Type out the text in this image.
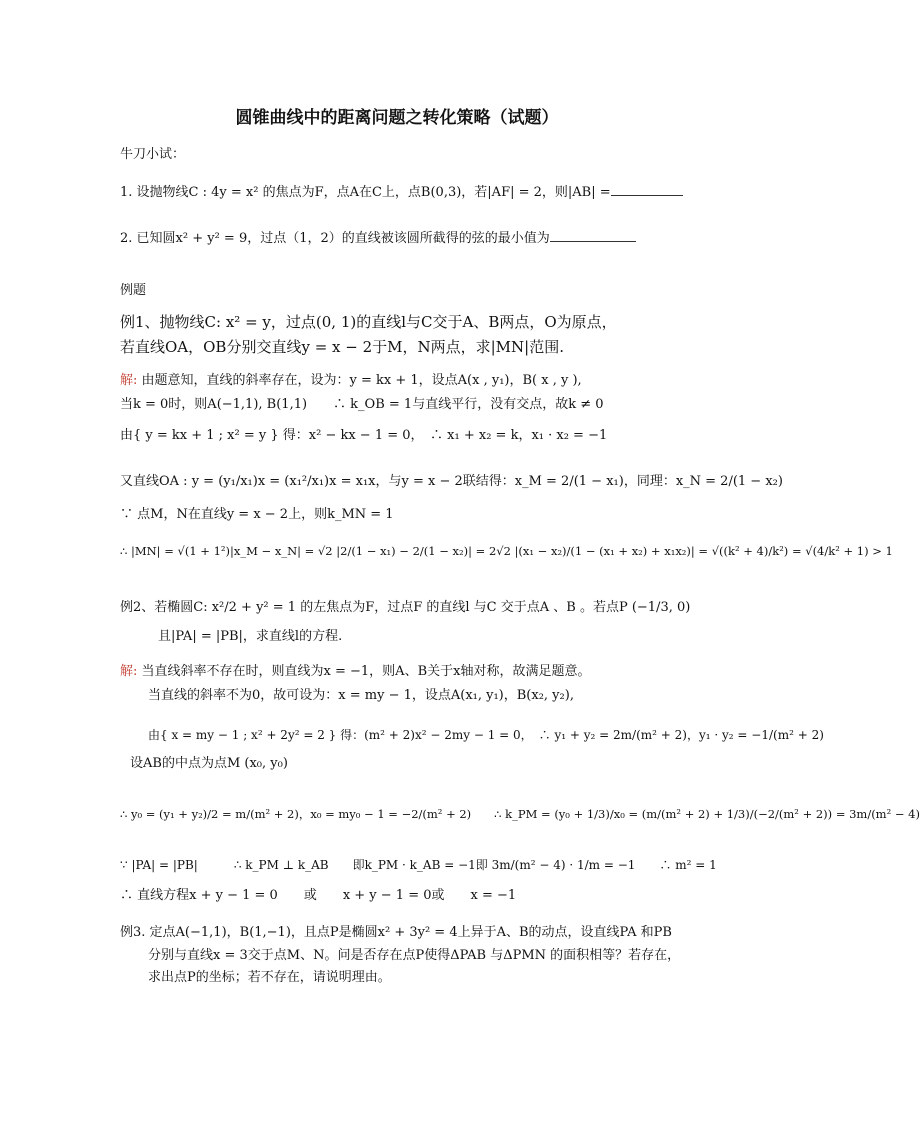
圆锥曲线中的距离问题之转化策略（试题）
牛刀小试：
1. 设抛物线C : 4y = x² 的焦点为F，点A在C上，点B(0,3)，若|AF| = 2，则|AB| =
2. 已知圆x² + y² = 9，过点（1，2）的直线被该圆所截得的弦的最小值为
例题
例1、抛物线C: x² = y，过点(0, 1)的直线l与C交于A、B两点，O为原点，
若直线OA，OB分别交直线y = x − 2于M，N两点，求|MN|范围.
解: 由题意知，直线的斜率存在，设为：y = kx + 1，设点A(x , y₁)，B( x , y ),
当k = 0时，则A(−1,1), B(1,1)　　∴ k_OB = 1与直线平行，没有交点，故k ≠ 0
由{ y = kx + 1 ; x² = y } 得：x² − kx − 1 = 0，　∴ x₁ + x₂ = k，x₁ · x₂ = −1
又直线OA : y = (y₁/x₁)x = (x₁²/x₁)x = x₁x，与y = x − 2联结得：x_M = 2/(1 − x₁)，同理：x_N = 2/(1 − x₂)
∵ 点M，N在直线y = x − 2上，则k_MN = 1
∴ |MN| = √(1 + 1²)|x_M − x_N| = √2 |2/(1 − x₁) − 2/(1 − x₂)| = 2√2 |(x₁ − x₂)/(1 − (x₁ + x₂) + x₁x₂)| = √((k² + 4)/k²) = √(4/k² + 1) > 1
例2、若椭圆C: x²/2 + y² = 1 的左焦点为F，过点F 的直线l 与C 交于点A 、B 。若点P (−1/3, 0)
且|PA| = |PB|，求直线l的方程.
解: 当直线斜率不存在时，则直线为x = −1，则A、B关于x轴对称，故满足题意。
当直线的斜率不为0，故可设为：x = my − 1，设点A(x₁, y₁)，B(x₂, y₂),
由{ x = my − 1 ; x² + 2y² = 2 } 得：(m² + 2)x² − 2my − 1 = 0，　∴ y₁ + y₂ = 2m/(m² + 2)，y₁ · y₂ = −1/(m² + 2)
设AB的中点为点M (x₀, y₀)
∴ y₀ = (y₁ + y₂)/2 = m/(m² + 2)，x₀ = my₀ − 1 = −2/(m² + 2)　　∴ k_PM = (y₀ + 1/3)/x₀ = (m/(m² + 2) + 1/3)/(−2/(m² + 2)) = 3m/(m² − 4)
∵ |PA| = |PB|　　　∴ k_PM ⊥ k_AB　　即k_PM · k_AB = −1即 3m/(m² − 4) · 1/m = −1　　∴ m² = 1
∴ 直线方程x + y − 1 = 0　　或　　x + y − 1 = 0或　　x = −1
例3. 定点A(−1,1)，B(1,−1)，且点P是椭圆x² + 3y² = 4上异于A、B的动点，设直线PA 和PB
分别与直线x = 3交于点M、N。问是否存在点P使得ΔPAB 与ΔPMN 的面积相等？若存在，
求出点P的坐标；若不存在，请说明理由。
